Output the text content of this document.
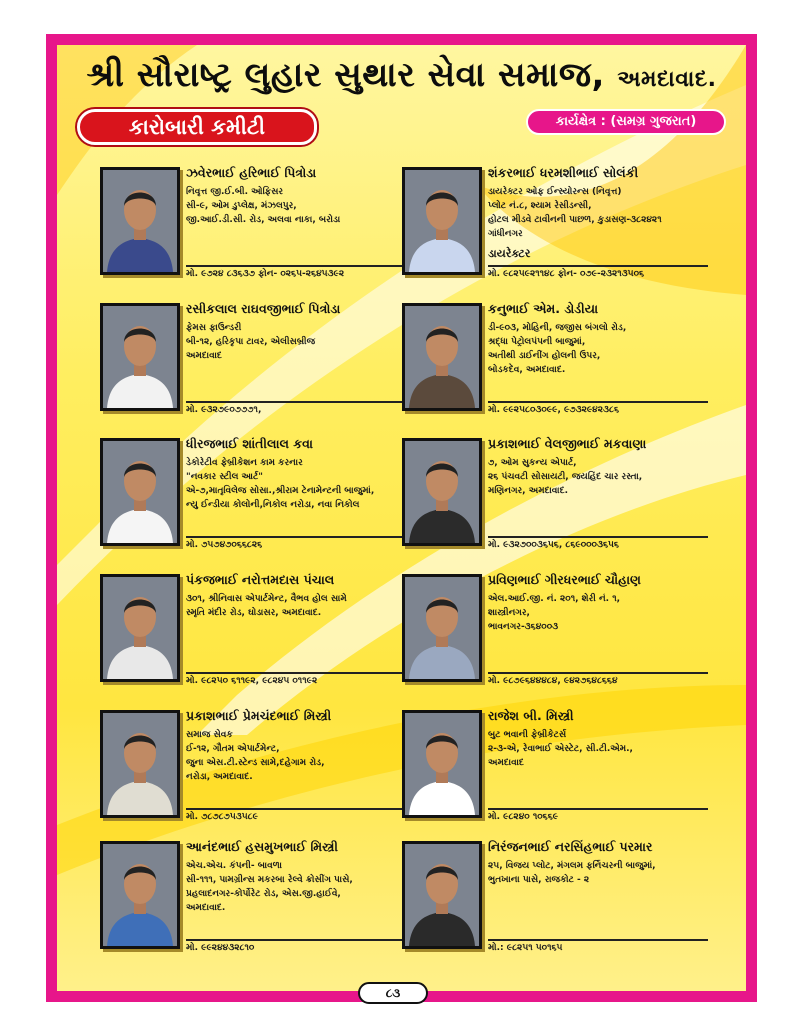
શ્રી સૌરાષ્ટ્ર લુહાર સુથાર સેવા સમાજ, અમદાવાદ.
કારોબારી કમીટી	કાર્યક્ષેત્ર : (સમગ્ર ગુજરાત)
ઝવેરભાઈ હરિભાઈ પિત્રોડા
નિવૃત્ત જી.ઈ.બી. ઓફિસર
સી-૯, ઓમ ડુપ્લેક્ષ, મંઝલપુર,
જી.આઈ.ડી.સી. રોડ, અલવા નાકા, બરોડા
મો. ૯૭૨૪ ૮૩૬૩૭ ફોન- ૦૨૬૫-૨૬૪૫૩૯૨
શંકરભાઈ ધરમશીભાઈ સોલંકી
ડાયરેક્ટર ઓફ ઈન્સ્યોરન્સ (નિવૃત્ત)
પ્લોટ નં.૮, શ્યામ રેસીડન્સી,
હોટલ મીડવે ટાવીનની પાછળ, કુડાસણ-૩૮૨૪૨૧
ગાંધીનગર
ડાયરેક્ટર
મો. ૯૮૨૫૯૨૧૧૪૮ ફોન- ૦૭૯-૨૩૨૧૩૫૦૬
રસીકલાલ રાઘવજીભાઈ પિત્રોડા
ફેમસ ફાઉન્ડરી
બી-૧૨, હરિકૃપા ટાવર, એલીસબ્રીજ
અમદાવાદ
મો. ૯૩૨૭૯૦૭૭૭૧,
કનુભાઈ એમ. ડોડીયા
ડી-૯૦૩, મોહિની, જજીસ બંગલો રોડ,
શ્રદ્ધા પેટ્રોલપંપની બાજુમાં,
અતીથી ડાઈનીંગ હોલની ઉપર,
બોડકદેવ, અમદાવાદ.
મો. ૯૯૨૫૮૦૩૦૯૯, ૯૭૩૨૯૪૨૩૮૬
ધીરજભાઈ શાંતીલાલ કવા
ડેકોરેટીવ ફેબ્રીકેશન કામ કરનાર
"નવકાર સ્ટીલ આર્ટ"
એ-૭,માતૃવિલેજ સોસા.,શ્રીરામ ટેનામેન્ટની બાજુમાં,
ન્યુ ઈન્ડીયા કોલોની,નિકોલ નરોડા, નવા નિકોલ
મો. ૭૫૭૪૭૦૬૬૮૨૬
પ્રકાશભાઈ વેલજીભાઈ મકવાણા
૭, ઓમ સુકન્ય એપાર્ટ,
૨૬ પંચવટી સોસાયટી, જયહિંદ ચાર રસ્તા,
મણિનગર, અમદાવાદ.
મો. ૯૩૨૭૦૦૩૬૫૬, ૮૬૯૦૦૦૩૬૫૬
પંકજભાઈ નરોત્તમદાસ પંચાલ
૩૦૧, શ્રીનિવાસ એપાર્ટમેન્ટ, વૈભવ હોલ સામે
સ્મૃતિ મંદીર રોડ, ઘોડાસર, અમદાવાદ.
મો. ૯૮૨૫૦ ૬૧૧૯૨, ૯૮૨૪૫ ૦૧૧૯૨
પ્રવિણભાઈ ગીરધરભાઈ ચૌહાણ
એલ.આઈ.જી. નં. ૨૦૧, શેરી નં. ૧,
શાસ્ત્રીનગર,
ભાવનગર-૩૬૪૦૦૩
મો. ૯૮૭૯૬૪૪૪૮૪, ૯૪૨૭૬૪૮૬૬૪
પ્રકાશભાઈ પ્રેમચંદભાઈ મિસ્ત્રી
સમાજ સેવક
ઈ-૧૨, ગૌતમ એપાર્ટમેન્ટ,
જુના એસ.ટી.સ્ટેન્ડ સામે,દહેગામ રોડ,
નરોડા, અમદાવાદ.
મો. ૭૮૭૮૭૫૩૫૮૯
રાજેશ બી. મિસ્ત્રી
બુટ ભવાની ફેબ્રીકેટર્સ
૨-૩-એ, રેવાભાઈ એસ્ટેટ, સી.ટી.એમ.,
અમદાવાદ
મો. ૯૮૨૪૦ ૧૦૬૬૯
આનંદભાઈ હસમુખભાઈ મિસ્ત્રી
એચ.એચ. કંપની- બાવળા
સી-૧૧૧, પામગ્રીન્સ મકરબા રેલ્વે ક્રોસીંગ પાસે,
પ્રહલાદનગર-કોર્પોરેટ રોડ, એસ.જી.હાઈવે,
અમદાવાદ.
મો. ૯૯૨૪૪૩૨૮૧૦
નિરંજનભાઈ નરસિંહભાઈ પરમાર
૨૫, વિજય પ્લોટ, મંગલમ ફર્નિચરની બાજુમાં,
ભુતખાના પાસે, રાજકોટ - ૨
મો.: ૯૮૨૫૧ ૫૦૧૬૫
૮૩
